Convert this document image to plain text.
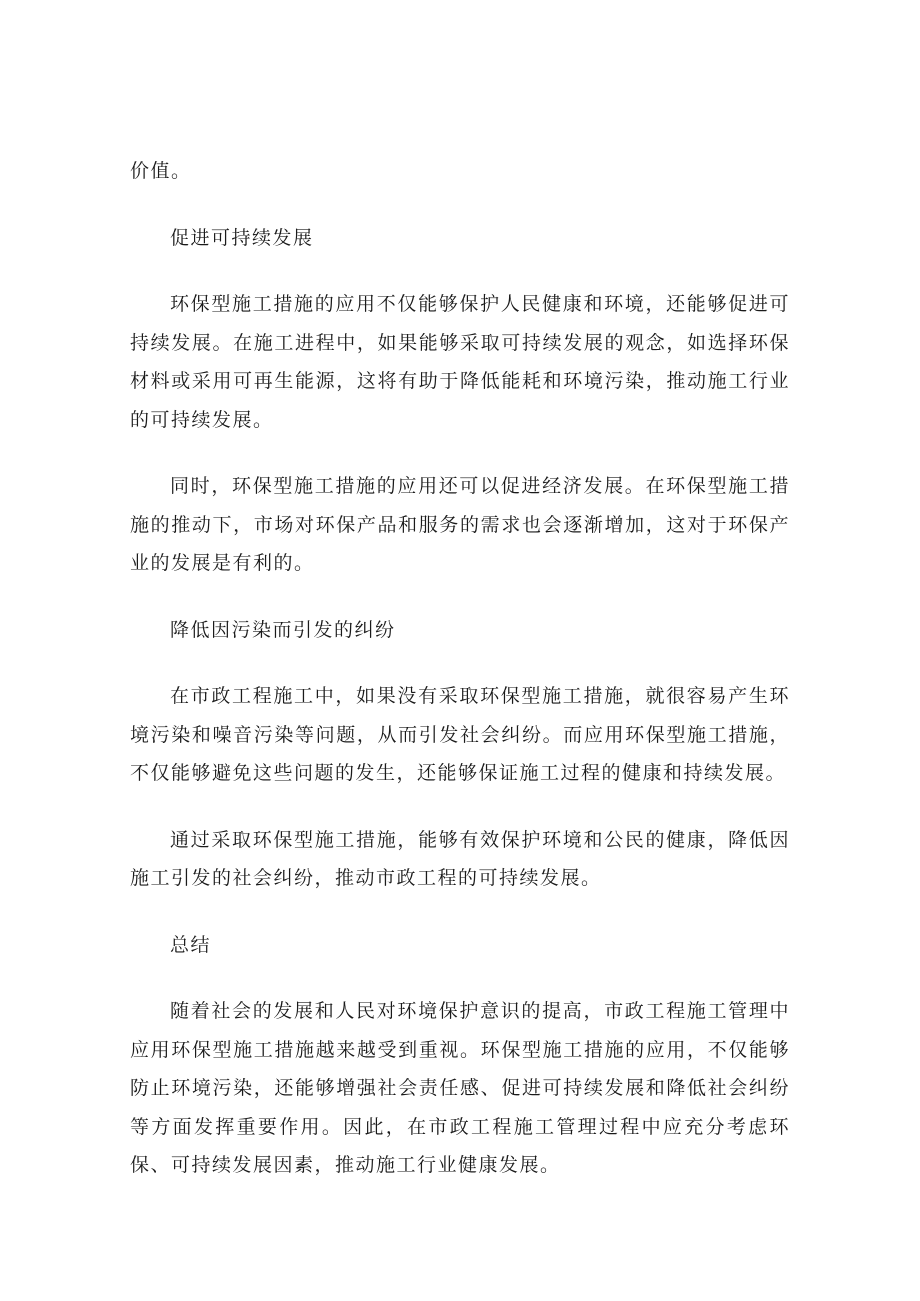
价值。

促进可持续发展

环保型施工措施的应用不仅能够保护人民健康和环境，还能够促进可持续发展。在施工进程中，如果能够采取可持续发展的观念，如选择环保材料或采用可再生能源，这将有助于降低能耗和环境污染，推动施工行业的可持续发展。

同时，环保型施工措施的应用还可以促进经济发展。在环保型施工措施的推动下，市场对环保产品和服务的需求也会逐渐增加，这对于环保产业的发展是有利的。

降低因污染而引发的纠纷

在市政工程施工中，如果没有采取环保型施工措施，就很容易产生环境污染和噪音污染等问题，从而引发社会纠纷。而应用环保型施工措施，不仅能够避免这些问题的发生，还能够保证施工过程的健康和持续发展。

通过采取环保型施工措施，能够有效保护环境和公民的健康，降低因施工引发的社会纠纷，推动市政工程的可持续发展。

总结

随着社会的发展和人民对环境保护意识的提高，市政工程施工管理中应用环保型施工措施越来越受到重视。环保型施工措施的应用，不仅能够防止环境污染，还能够增强社会责任感、促进可持续发展和降低社会纠纷等方面发挥重要作用。因此，在市政工程施工管理过程中应充分考虑环保、可持续发展因素，推动施工行业健康发展。
